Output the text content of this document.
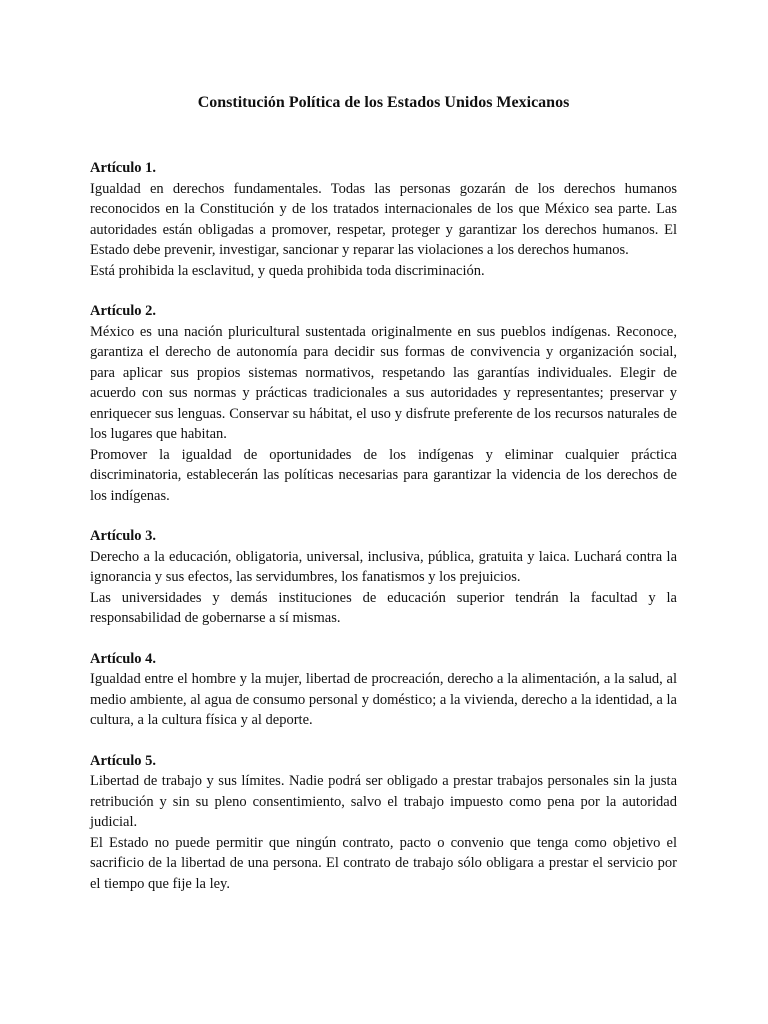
Constitución Política de los Estados Unidos Mexicanos
Artículo 1.
Igualdad en derechos fundamentales. Todas las personas gozarán de los derechos humanos reconocidos en la Constitución y de los tratados internacionales de los que México sea parte. Las autoridades están obligadas a promover, respetar, proteger y garantizar los derechos humanos. El Estado debe prevenir, investigar, sancionar y reparar las violaciones a los derechos humanos.
Está prohibida la esclavitud, y queda prohibida toda discriminación.
Artículo 2.
México es una nación pluricultural sustentada originalmente en sus pueblos indígenas. Reconoce, garantiza el derecho de autonomía para decidir sus formas de convivencia y organización social, para aplicar sus propios sistemas normativos, respetando las garantías individuales. Elegir de acuerdo con sus normas y prácticas tradicionales a sus autoridades y representantes; preservar y enriquecer sus lenguas. Conservar su hábitat, el uso y disfrute preferente de los recursos naturales de los lugares que habitan.
Promover la igualdad de oportunidades de los indígenas y eliminar cualquier práctica discriminatoria, establecerán las políticas necesarias para garantizar la videncia de los derechos de los indígenas.
Artículo 3.
Derecho a la educación, obligatoria, universal, inclusiva, pública, gratuita y laica. Luchará contra la ignorancia y sus efectos, las servidumbres, los fanatismos y los prejuicios.
Las universidades y demás instituciones de educación superior tendrán la facultad y la responsabilidad de gobernarse a sí mismas.
Artículo 4.
Igualdad entre el hombre y la mujer, libertad de procreación, derecho a la alimentación, a la salud, al medio ambiente, al agua de consumo personal y doméstico; a la vivienda, derecho a la identidad, a la cultura, a la cultura física y al deporte.
Artículo 5.
Libertad de trabajo y sus límites. Nadie podrá ser obligado a prestar trabajos personales sin la justa retribución y sin su pleno consentimiento, salvo el trabajo impuesto como pena por la autoridad judicial.
El Estado no puede permitir que ningún contrato, pacto o convenio que tenga como objetivo el sacrificio de la libertad de una persona. El contrato de trabajo sólo obligara a prestar el servicio por el tiempo que fije la ley.
